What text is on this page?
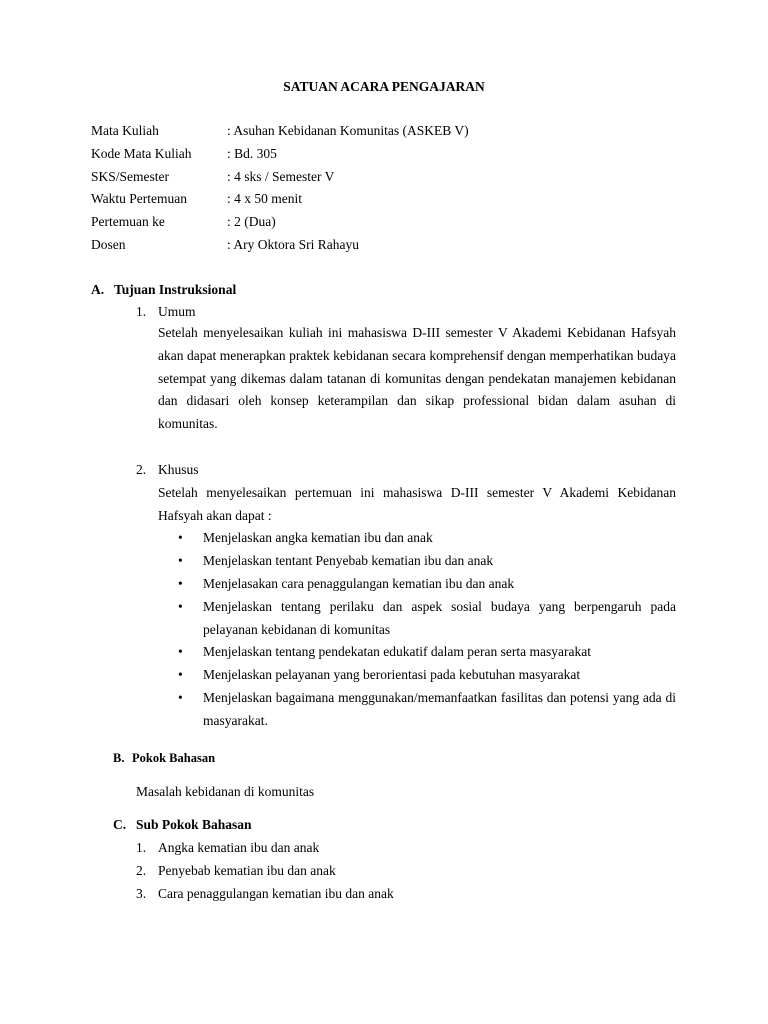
SATUAN ACARA PENGAJARAN
Mata Kuliah	: Asuhan Kebidanan Komunitas (ASKEB V)
Kode Mata Kuliah	: Bd. 305
SKS/Semester	: 4 sks / Semester V
Waktu Pertemuan	: 4 x 50 menit
Pertemuan ke	: 2 (Dua)
Dosen	: Ary Oktora Sri Rahayu
A. Tujuan Instruksional
1. Umum
Setelah menyelesaikan kuliah ini mahasiswa D-III semester V Akademi Kebidanan Hafsyah akan dapat menerapkan praktek kebidanan secara komprehensif dengan memperhatikan budaya setempat yang dikemas dalam tatanan di komunitas dengan pendekatan manajemen kebidanan dan didasari oleh konsep keterampilan dan sikap professional bidan dalam asuhan di komunitas.
2. Khusus
Setelah menyelesaikan pertemuan ini mahasiswa D-III semester V Akademi Kebidanan Hafsyah akan dapat :
•	Menjelaskan angka kematian ibu dan anak
•	Menjelaskan tentant Penyebab kematian ibu dan anak
•	Menjelasakan cara penaggulangan kematian ibu dan anak
•	Menjelaskan tentang perilaku dan aspek sosial budaya yang berpengaruh pada pelayanan kebidanan di komunitas
•	Menjelaskan tentang pendekatan edukatif dalam peran serta masyarakat
•	Menjelaskan pelayanan yang berorientasi pada kebutuhan masyarakat
•	Menjelaskan bagaimana menggunakan/memanfaatkan fasilitas dan potensi yang ada di masyarakat.
B. Pokok Bahasan
Masalah kebidanan di komunitas
C. Sub Pokok Bahasan
1. Angka kematian ibu dan anak
2. Penyebab kematian ibu dan anak
3. Cara penaggulangan kematian ibu dan anak
